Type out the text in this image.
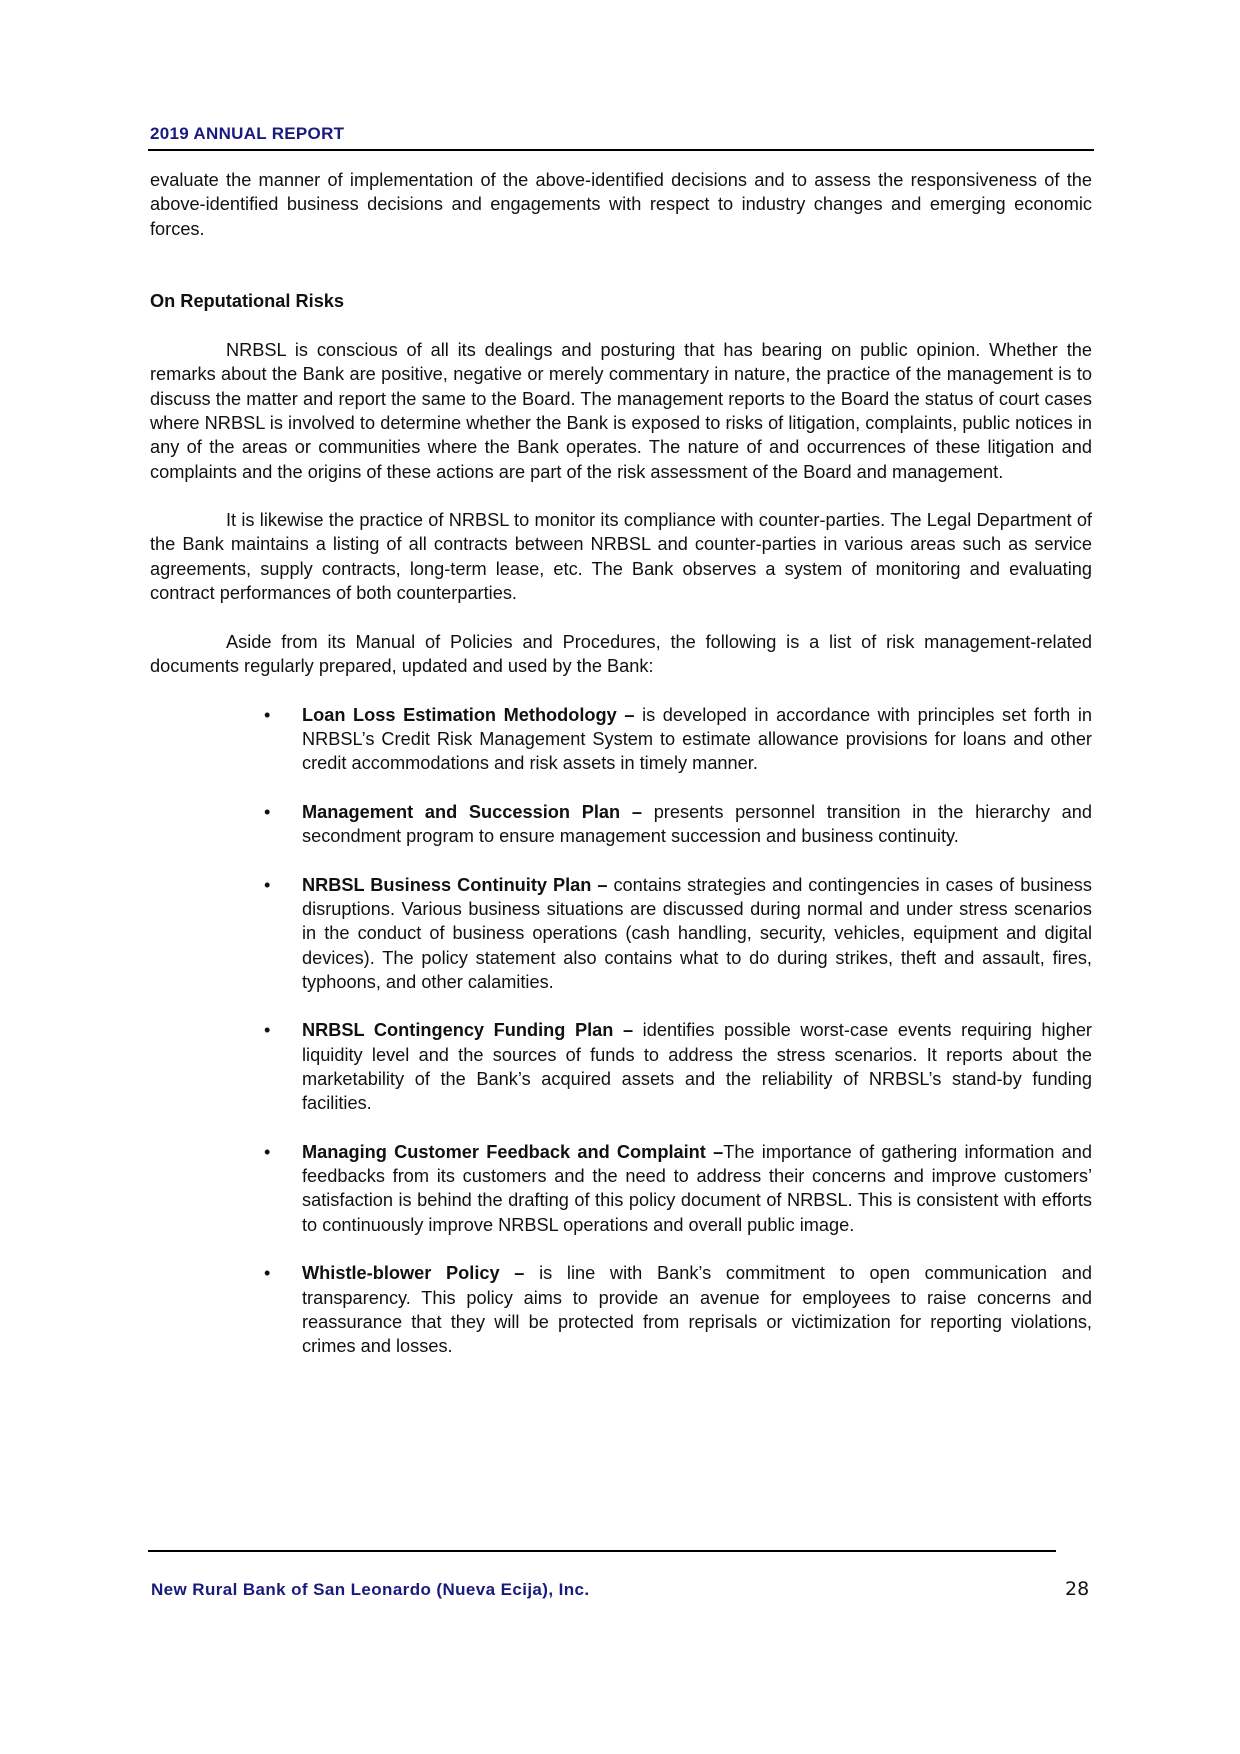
2019 ANNUAL REPORT

evaluate the manner of implementation of the above-identified decisions and to assess the responsiveness of the above-identified business decisions and engagements with respect to industry changes and emerging economic forces.

On Reputational Risks

NRBSL is conscious of all its dealings and posturing that has bearing on public opinion. Whether the remarks about the Bank are positive, negative or merely commentary in nature, the practice of the management is to discuss the matter and report the same to the Board. The management reports to the Board the status of court cases where NRBSL is involved to determine whether the Bank is exposed to risks of litigation, complaints, public notices in any of the areas or communities where the Bank operates. The nature of and occurrences of these litigation and complaints and the origins of these actions are part of the risk assessment of the Board and management.

It is likewise the practice of NRBSL to monitor its compliance with counter-parties. The Legal Department of the Bank maintains a listing of all contracts between NRBSL and counter-parties in various areas such as service agreements, supply contracts, long-term lease, etc. The Bank observes a system of monitoring and evaluating contract performances of both counterparties.

Aside from its Manual of Policies and Procedures, the following is a list of risk management-related documents regularly prepared, updated and used by the Bank:

• Loan Loss Estimation Methodology – is developed in accordance with principles set forth in NRBSL’s Credit Risk Management System to estimate allowance provisions for loans and other credit accommodations and risk assets in timely manner.
• Management and Succession Plan – presents personnel transition in the hierarchy and secondment program to ensure management succession and business continuity.
• NRBSL Business Continuity Plan – contains strategies and contingencies in cases of business disruptions. Various business situations are discussed during normal and under stress scenarios in the conduct of business operations (cash handling, security, vehicles, equipment and digital devices). The policy statement also contains what to do during strikes, theft and assault, fires, typhoons, and other calamities.
• NRBSL Contingency Funding Plan – identifies possible worst-case events requiring higher liquidity level and the sources of funds to address the stress scenarios. It reports about the marketability of the Bank’s acquired assets and the reliability of NRBSL’s stand-by funding facilities.
• Managing Customer Feedback and Complaint –The importance of gathering information and feedbacks from its customers and the need to address their concerns and improve customers’ satisfaction is behind the drafting of this policy document of NRBSL. This is consistent with efforts to continuously improve NRBSL operations and overall public image.
• Whistle-blower Policy – is line with Bank’s commitment to open communication and transparency. This policy aims to provide an avenue for employees to raise concerns and reassurance that they will be protected from reprisals or victimization for reporting violations, crimes and losses.
New Rural Bank of San Leonardo (Nueva Ecija), Inc.	28
